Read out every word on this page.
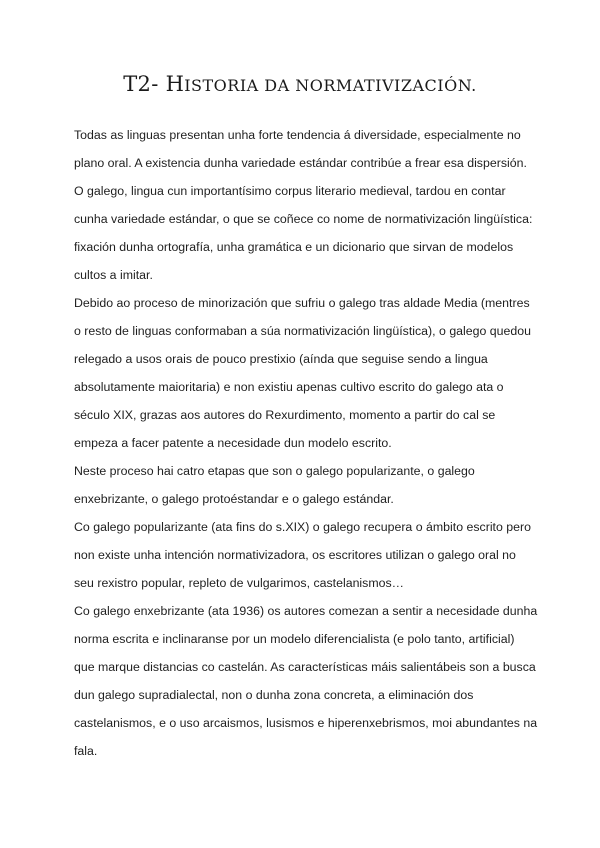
T2- HISTORIA DA NORMATIVIZACIÓN.
Todas as linguas presentan unha forte tendencia á diversidade, especialmente no
plano oral. A existencia dunha variedade estándar contribúe a frear esa dispersión.
O galego, lingua cun importantísimo corpus literario medieval, tardou en contar
cunha variedade estándar, o que se coñece co nome de normativización lingüística:
fixación dunha ortografía, unha gramática e un dicionario que sirvan de modelos
cultos a imitar.
Debido ao proceso de minorización que sufriu o galego tras aldade Media (mentres
o resto de linguas conformaban a súa normativización lingüística), o galego quedou
relegado a usos orais de pouco prestixio (aínda que seguise sendo a lingua
absolutamente maioritaria) e non existiu apenas cultivo escrito do galego ata o
século XIX, grazas aos autores do Rexurdimento, momento a partir do cal se
empeza a facer patente a necesidade dun modelo escrito.
Neste proceso hai catro etapas que son o galego popularizante, o galego
enxebrizante, o galego protoéstandar e o galego estándar.
Co galego popularizante (ata fins do s.XIX) o galego recupera o ámbito escrito pero
non existe unha intención normativizadora, os escritores utilizan o galego oral no
seu rexistro popular, repleto de vulgarimos, castelanismos…
Co galego enxebrizante (ata 1936) os autores comezan a sentir a necesidade dunha
norma escrita e inclinaranse por un modelo diferencialista (e polo tanto, artificial)
que marque distancias co castelán. As características máis salientábeis son a busca
dun galego supradialectal, non o dunha zona concreta, a eliminación dos
castelanismos, e o uso arcaismos, lusismos e hiperenxebrismos, moi abundantes na
fala.
